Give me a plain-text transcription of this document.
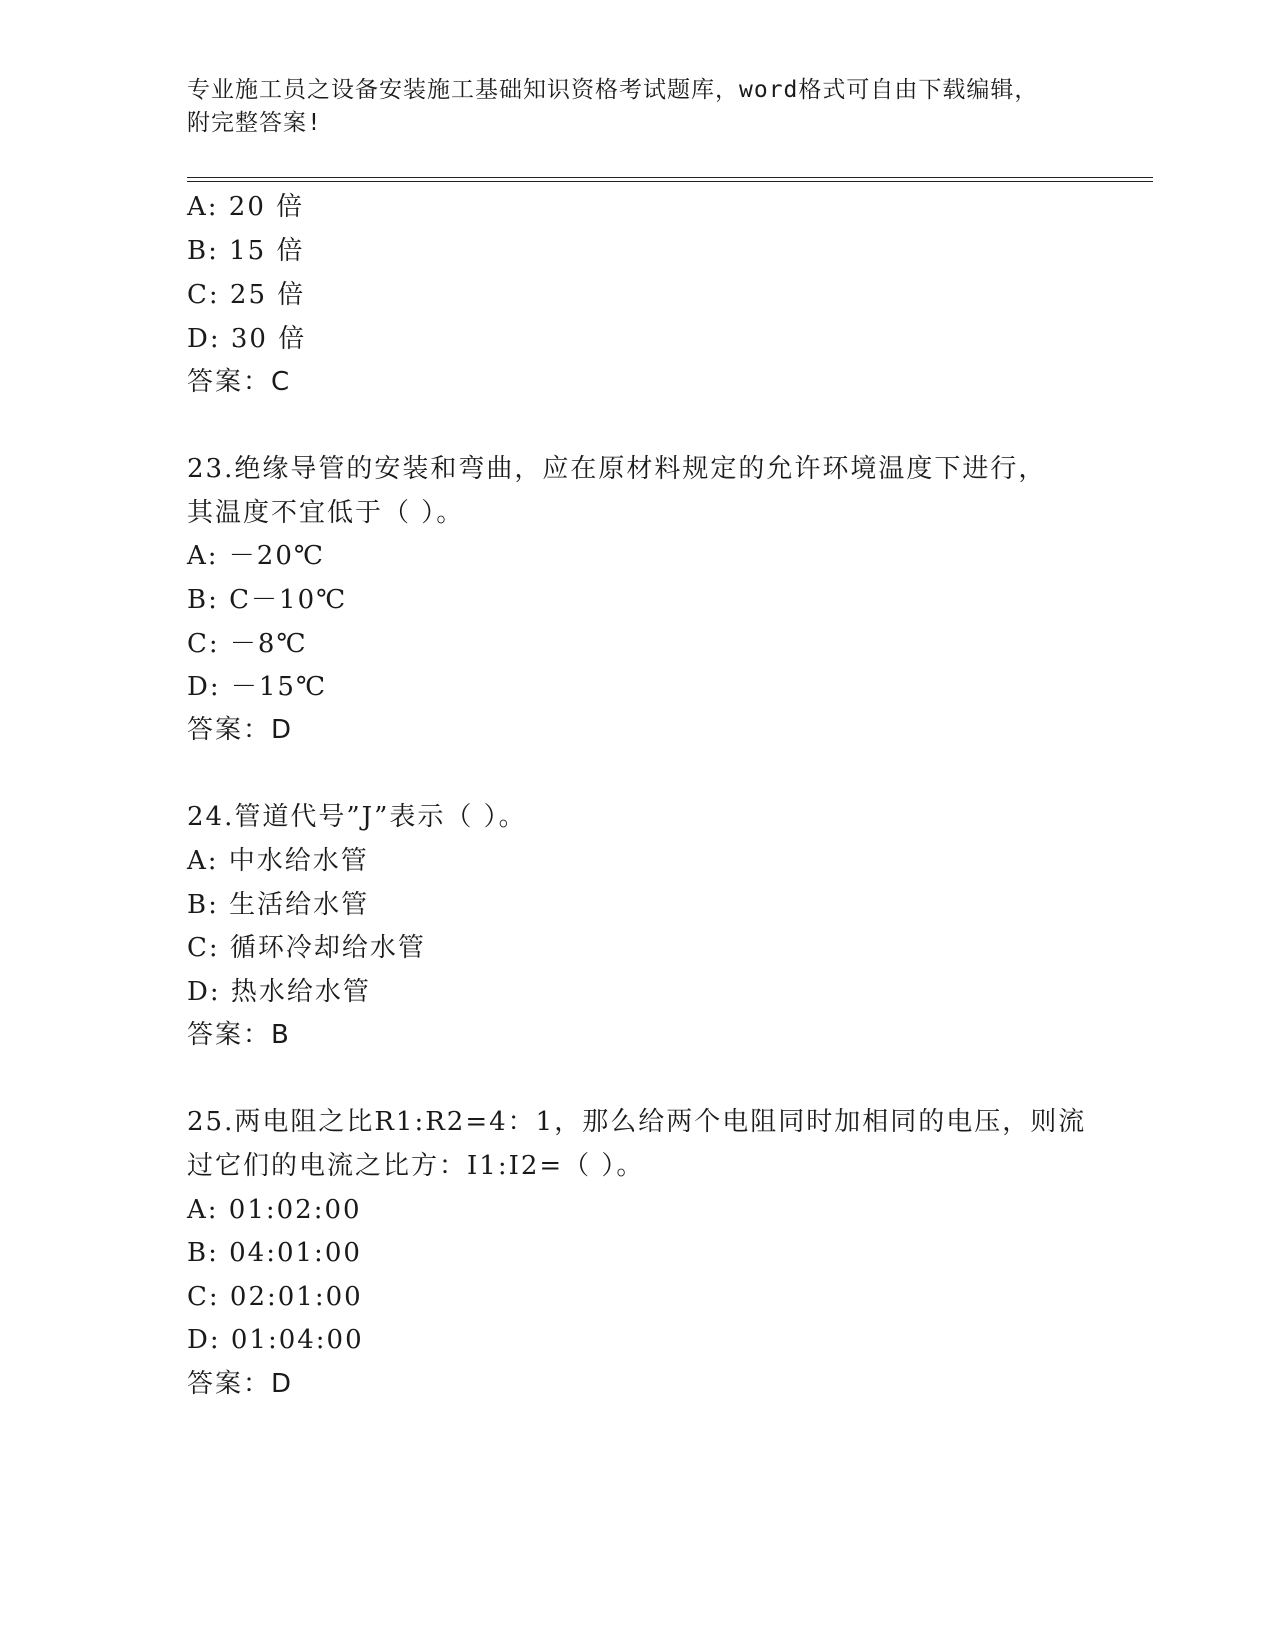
专业施工员之设备安装施工基础知识资格考试题库，word格式可自由下载编辑，
附完整答案!
A: 20 倍
B: 15 倍
C: 25 倍
D: 30 倍
答案：C
23.绝缘导管的安装和弯曲，应在原材料规定的允许环境温度下进行，
其温度不宜低于（ ）。
A: －20℃
B: C－10℃
C: －8℃
D: －15℃
答案：D
24.管道代号”J”表示（ ）。
A: 中水给水管
B: 生活给水管
C: 循环冷却给水管
D: 热水给水管
答案：B
25.两电阻之比R1:R2=4：1，那么给两个电阻同时加相同的电压，则流
过它们的电流之比方：I1:I2=（ ）。
A: 01:02:00
B: 04:01:00
C: 02:01:00
D: 01:04:00
答案：D
